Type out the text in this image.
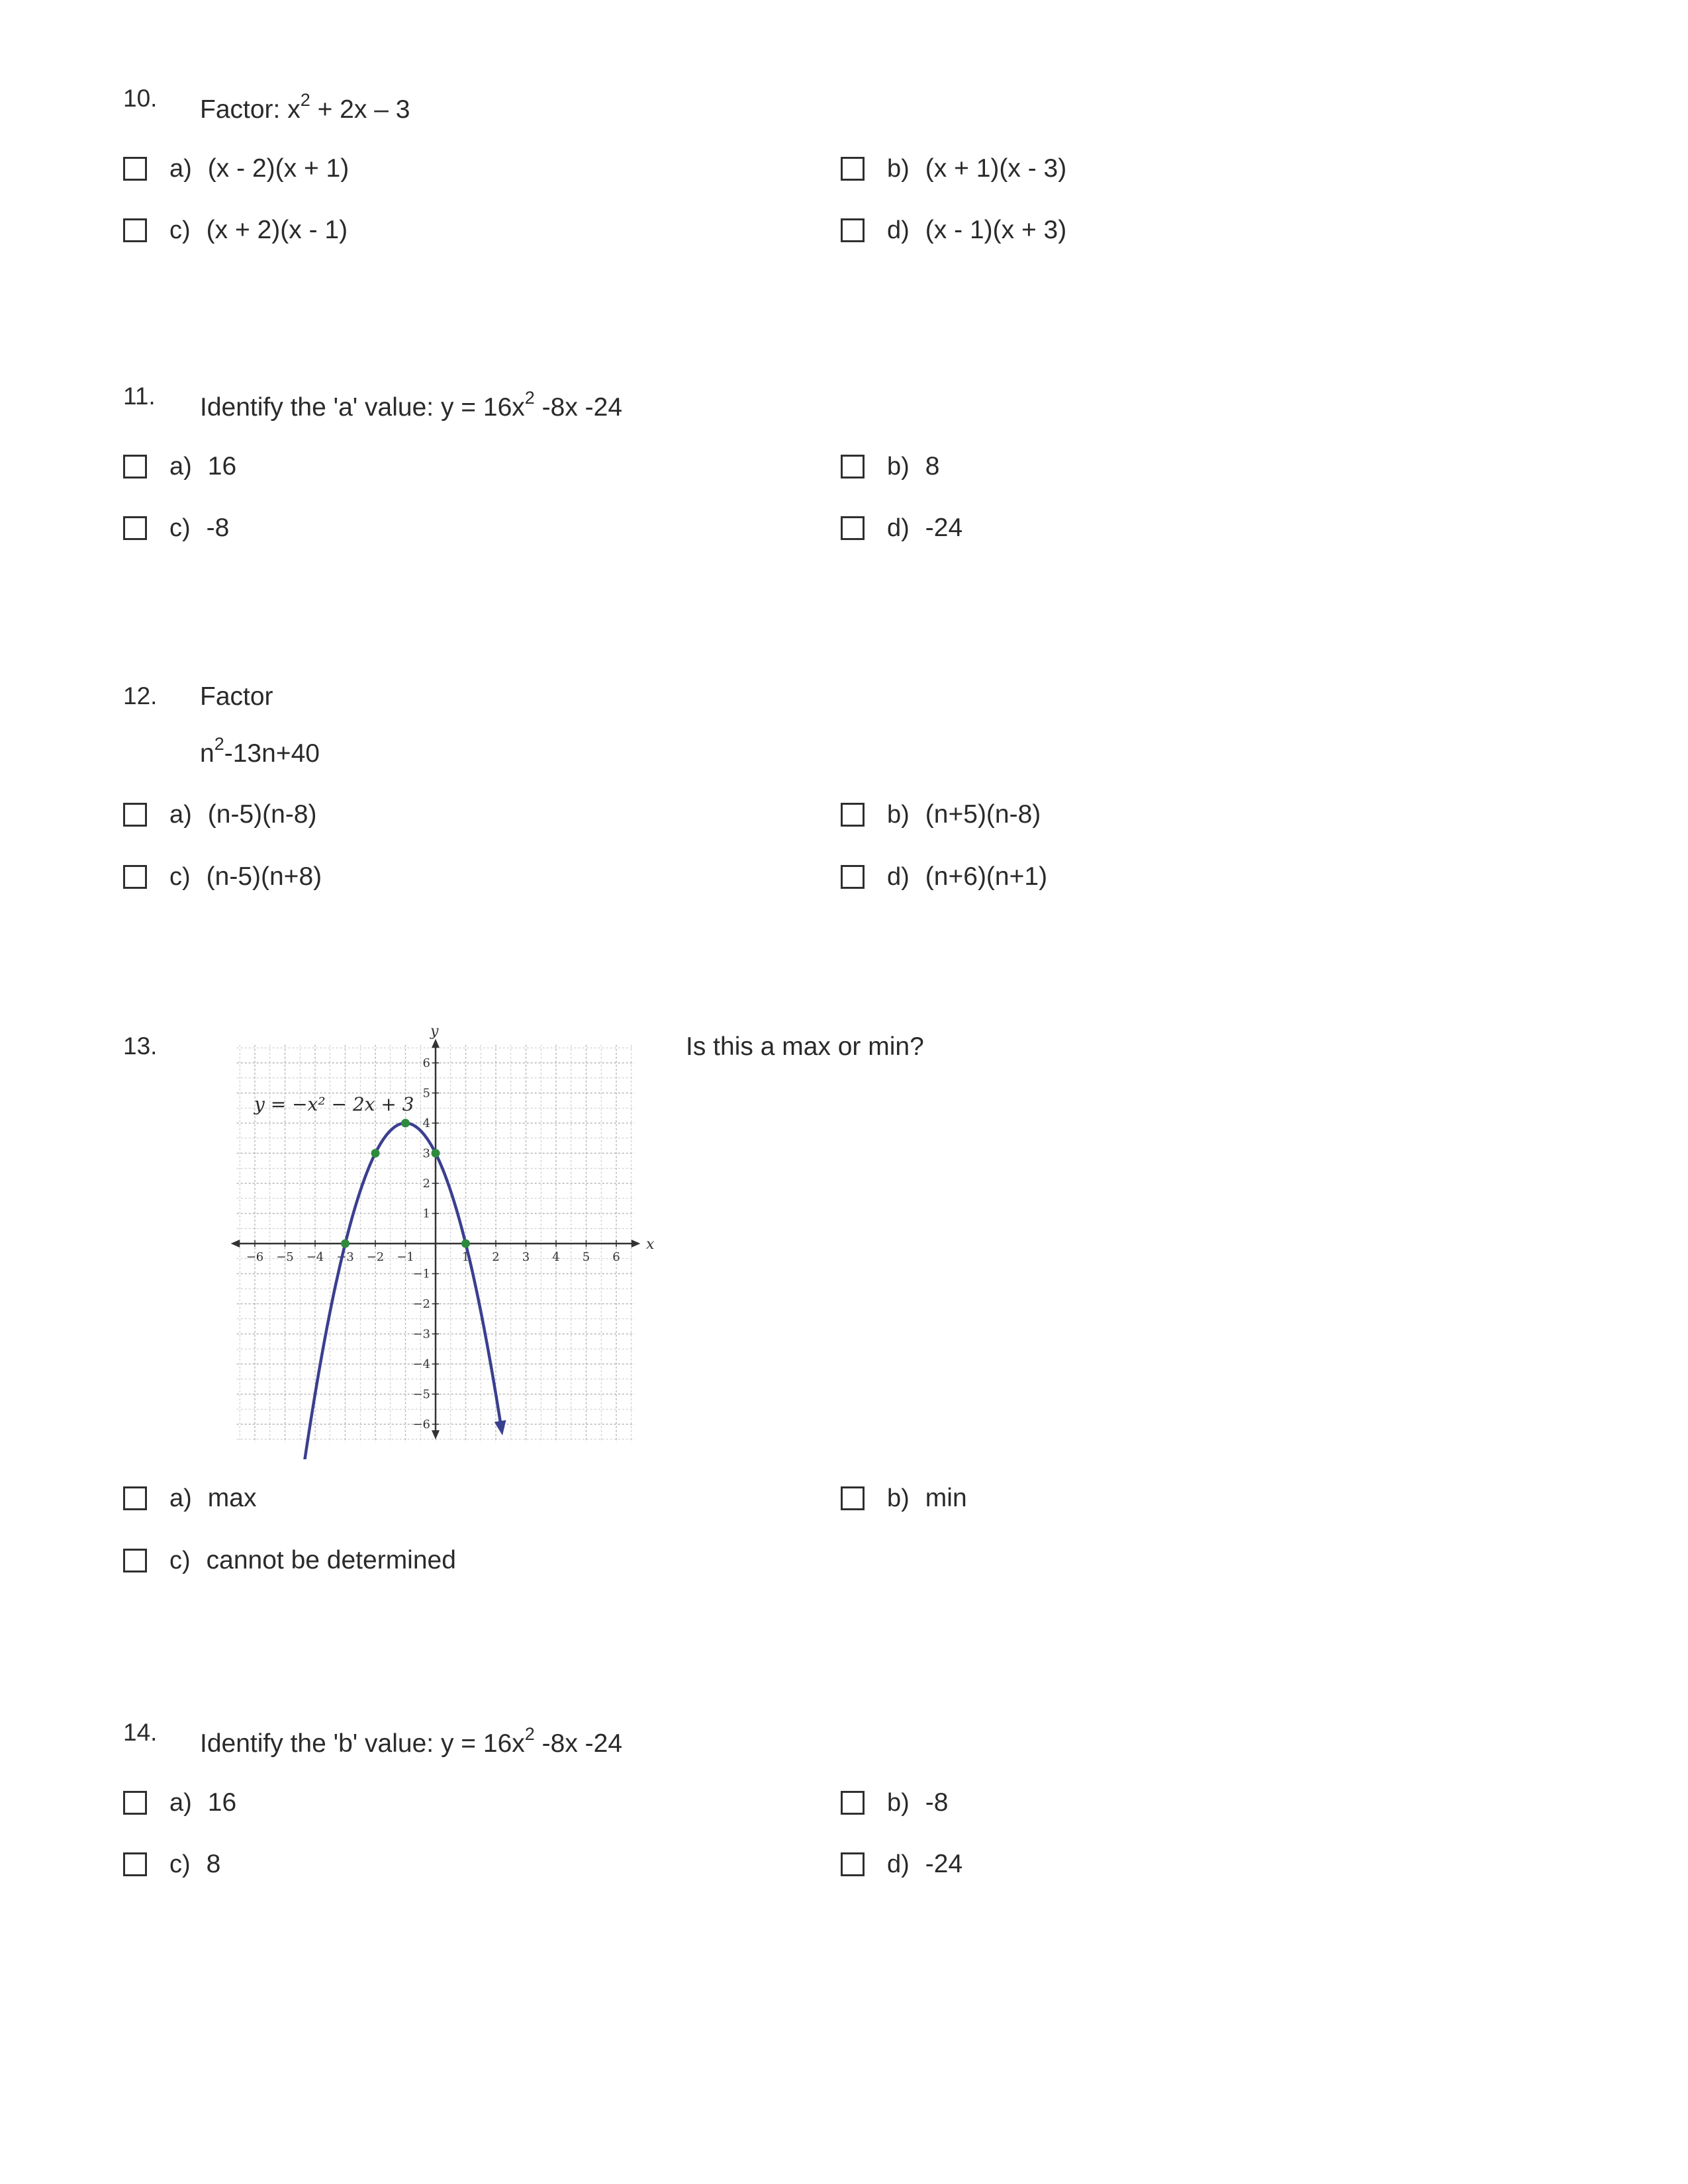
10. Factor: $x^2 + 2x - 3$
a) (x - 2)(x + 1)	b) (x + 1)(x - 3)
c) (x + 2)(x - 1)	d) (x - 1)(x + 3)
11. Identify the 'a' value: $y = 16x^2$ -8x -24
a) 16	b) 8
c) -8	d) -24
12. Factor
$n^2-13n+40$
a) (n-5)(n-8)	b) (n+5)(n-8)
c) (n-5)(n+8)	d) (n+6)(n+1)
13.	Is this a max or min?
−6 −5 −4 −3 −2 −1	1 2 3 4 5 6
6
5
4
3
2
1
−1
−2
−3
−4
−5
−6
y = −x² − 2x + 3
x
y
a) max	b) min
c) cannot be determined
14. Identify the 'b' value: $y = 16x^2$ -8x -24
a) 16	b) -8
c) 8	d) -24
